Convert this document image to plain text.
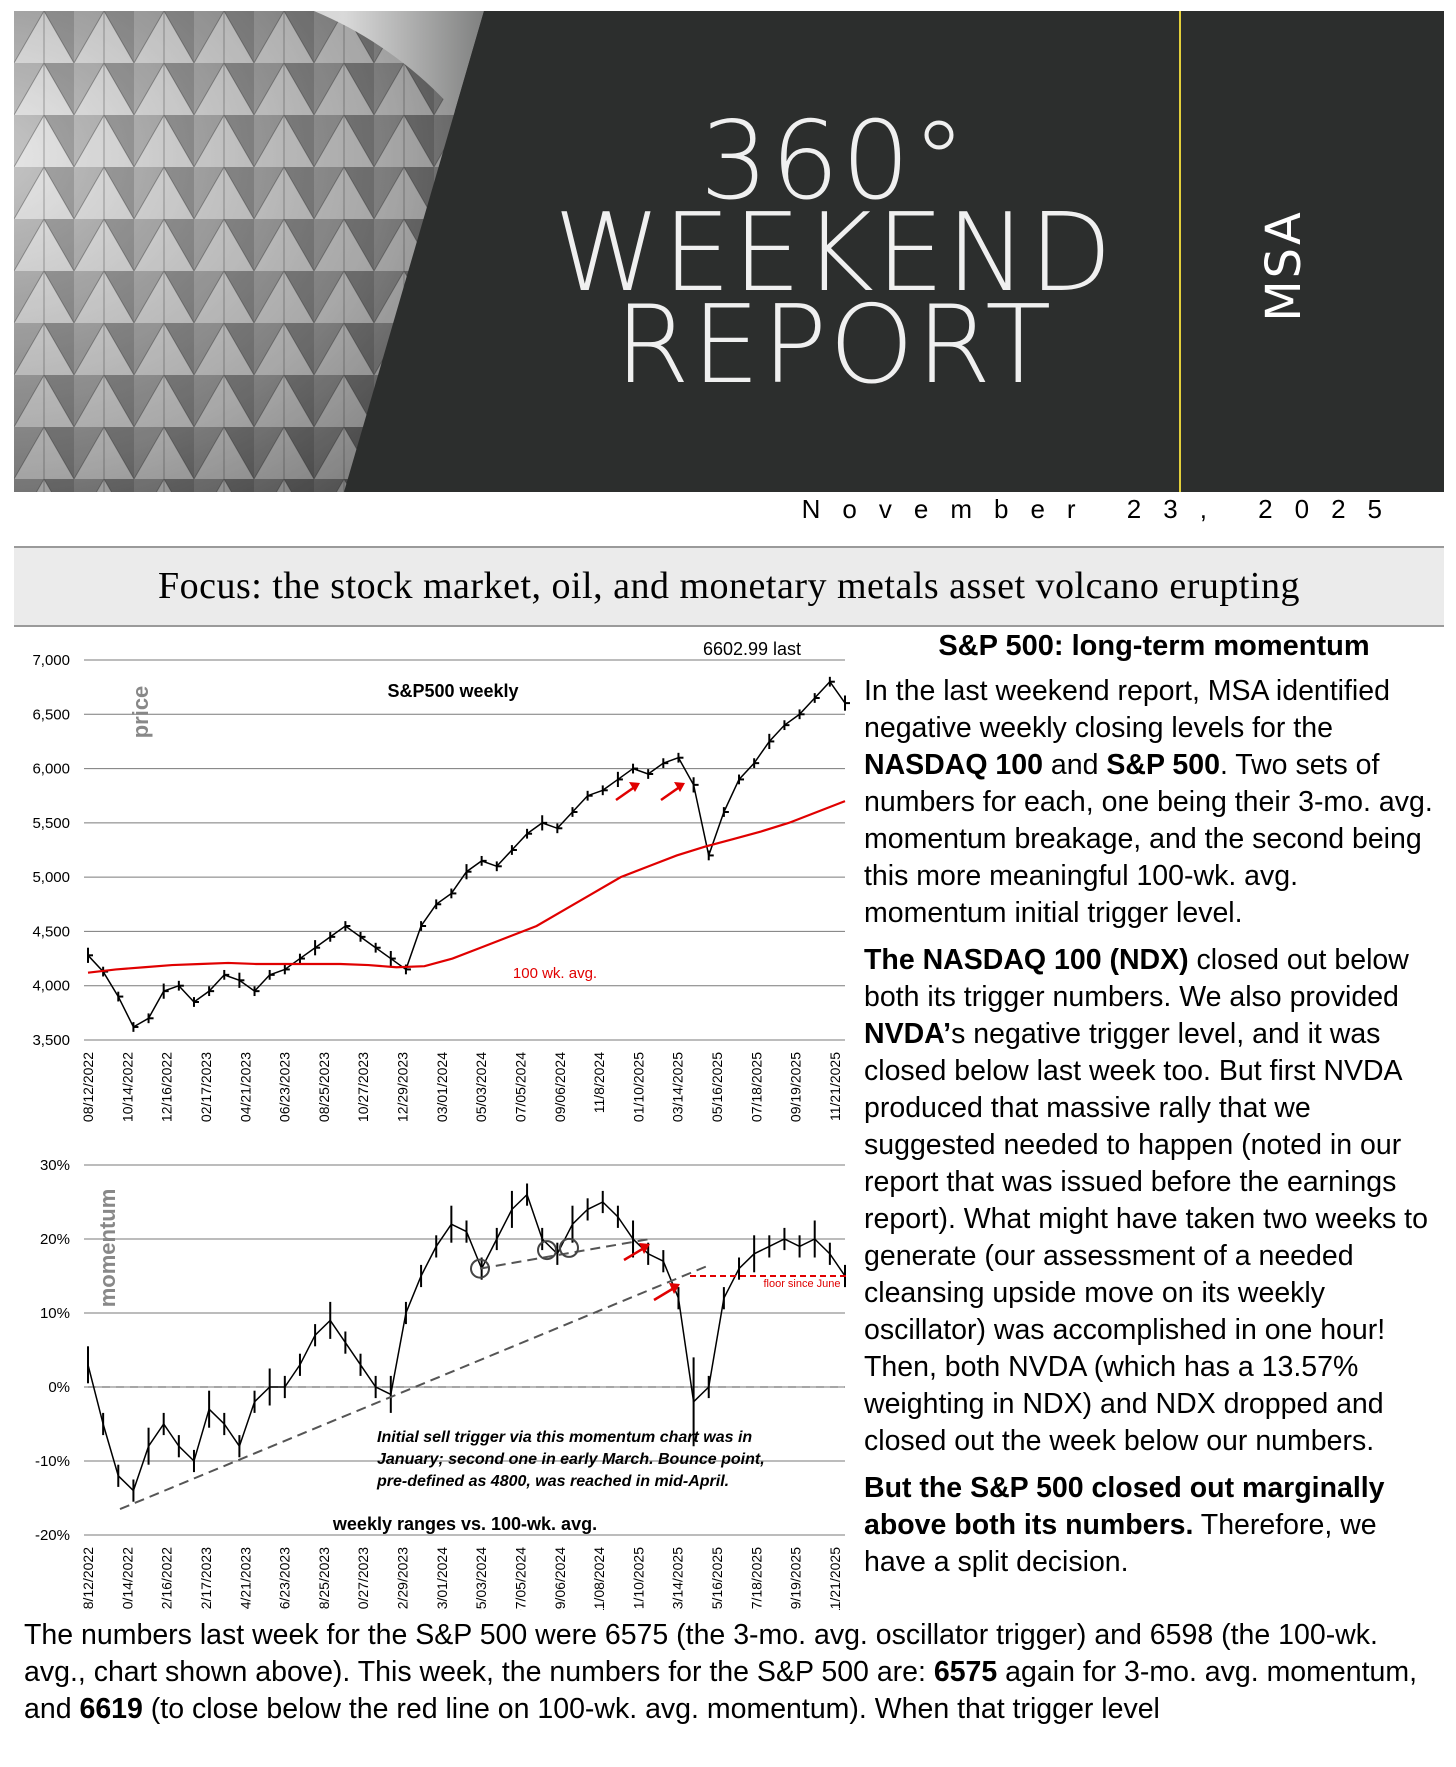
360°
WEEKEND
REPORT
MSA
November 23, 2025
Focus: the stock market, oil, and monetary metals asset volcano erupting
7,000
6,500
6,000
5,500
5,000
4,500
4,000
3,500
08/12/2022 10/14/2022 12/16/2022 02/17/2023 04/21/2023 06/23/2023 08/25/2023 10/27/2023 12/29/2023 03/01/2024 05/03/2024 07/05/2024 09/06/2024 11/8/2024 01/10/2025 03/14/2025 05/16/2025 07/18/2025 09/19/2025 11/21/2025
S&P500 weekly
price
100 wk. avg.
6602.99 last
30%
20%
10%
0%
-10%
-20%
08/12/2022 10/14/2022 12/16/2022 02/17/2023 04/21/2023 06/23/2023 08/25/2023 10/27/2023 12/29/2023 03/01/2024 05/03/2024 07/05/2024 09/06/2024 11/08/2024 01/10/2025 03/14/2025 05/16/2025 07/18/2025 09/19/2025 11/21/2025
weekly ranges vs. 100-wk. avg.
momentum	floor since June
Initial sell trigger via this momentum chart was in
January; second one in early March. Bounce point,
pre-defined as 4800, was reached in mid-April.
S&P 500: long-term momentum

In the last weekend report, MSA identified negative weekly closing levels for the NASDAQ 100 and S&P 500. Two sets of numbers for each, one being their 3-mo. avg. momentum breakage, and the second being this more meaningful 100-wk. avg. momentum initial trigger level.

The NASDAQ 100 (NDX) closed out below both its trigger numbers. We also provided NVDA’s negative trigger level, and it was closed below last week too. But first NVDA produced that massive rally that we suggested needed to happen (noted in our report that was issued before the earnings report). What might have taken two weeks to generate (our assessment of a needed cleansing upside move on its weekly oscillator) was accomplished in one hour! Then, both NVDA (which has a 13.57% weighting in NDX) and NDX dropped and closed out the week below our numbers.

But the S&P 500 closed out marginally above both its numbers. Therefore, we have a split decision.

The numbers last week for the S&P 500 were 6575 (the 3-mo. avg. oscillator trigger) and 6598 (the 100-wk. avg., chart shown above). This week, the numbers for the S&P 500 are: 6575 again for 3-mo. avg. momentum, and 6619 (to close below the red line on 100-wk. avg. momentum). When that trigger level
